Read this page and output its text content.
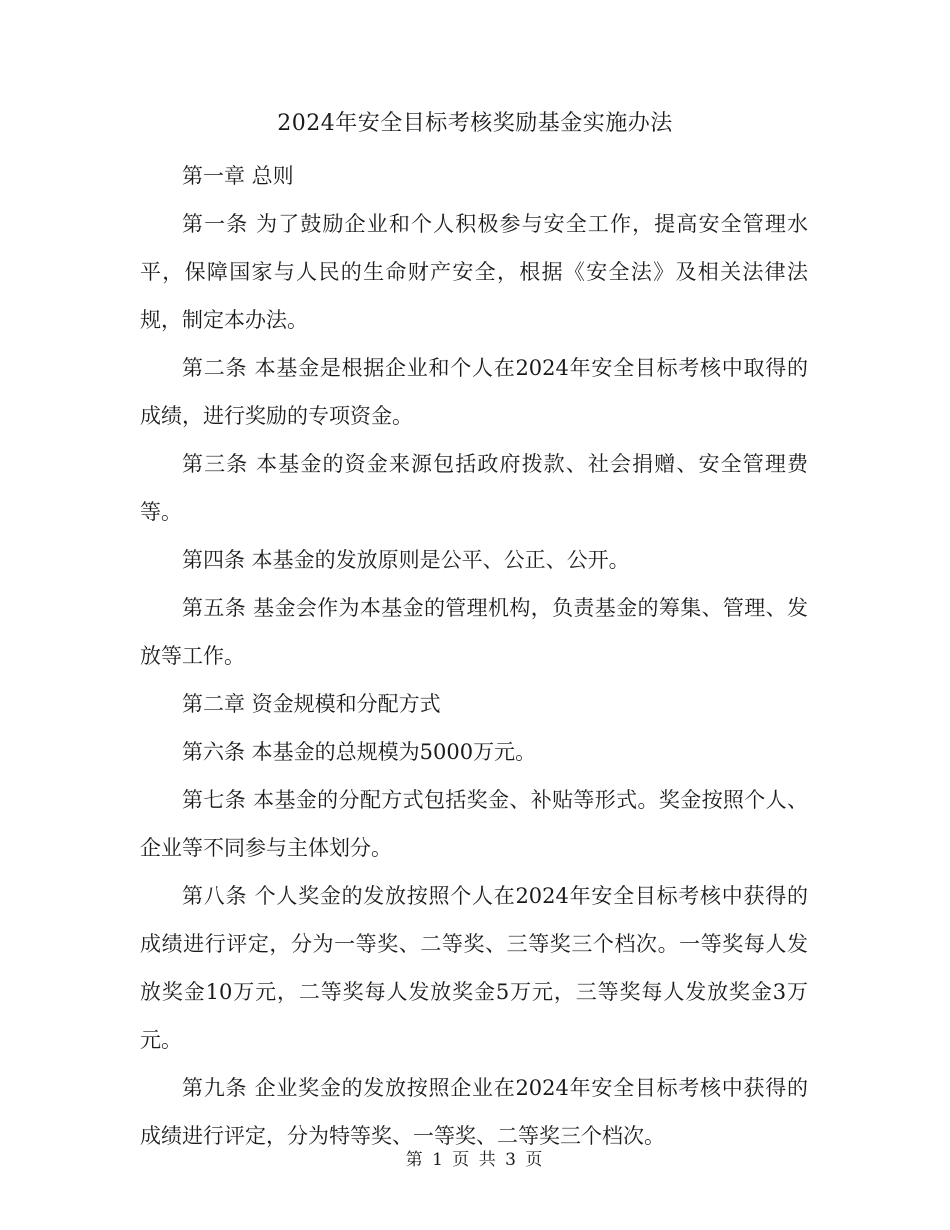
2024年安全目标考核奖励基金实施办法

第一章 总则

第一条 为了鼓励企业和个人积极参与安全工作，提高安全管理水平，保障国家与人民的生命财产安全，根据《安全法》及相关法律法规，制定本办法。

第二条 本基金是根据企业和个人在2024年安全目标考核中取得的成绩，进行奖励的专项资金。

第三条 本基金的资金来源包括政府拨款、社会捐赠、安全管理费等。

第四条 本基金的发放原则是公平、公正、公开。

第五条 基金会作为本基金的管理机构，负责基金的筹集、管理、发放等工作。

第二章 资金规模和分配方式

第六条 本基金的总规模为5000万元。

第七条 本基金的分配方式包括奖金、补贴等形式。奖金按照个人、企业等不同参与主体划分。

第八条 个人奖金的发放按照个人在2024年安全目标考核中获得的成绩进行评定，分为一等奖、二等奖、三等奖三个档次。一等奖每人发放奖金10万元，二等奖每人发放奖金5万元，三等奖每人发放奖金3万元。

第九条 企业奖金的发放按照企业在2024年安全目标考核中获得的成绩进行评定，分为特等奖、一等奖、二等奖三个档次。

第 1 页 共 3 页
